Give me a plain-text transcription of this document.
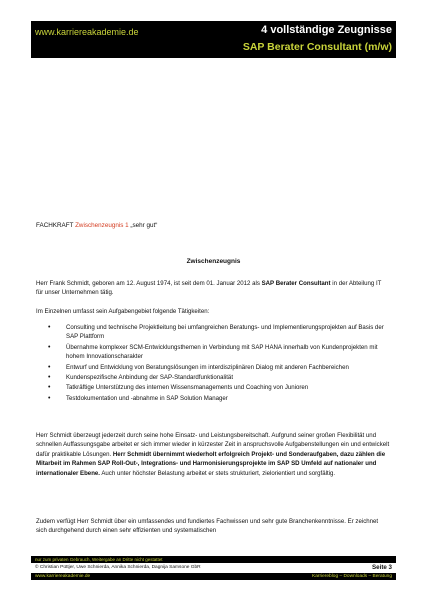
www.karriereakademie.de	4 vollständige Zeugnisse
SAP Berater Consultant (m/w)
FACHKRAFT Zwischenzeugnis 1 „sehr gut“
Zwischenzeugnis
Herr Frank Schmidt, geboren am 12. August 1974, ist seit dem 01. Januar 2012 als SAP Berater Consultant in der Abteilung IT für unser Unternehmen tätig.
Im Einzelnen umfasst sein Aufgabengebiet folgende Tätigkeiten:
• Consulting und technische Projektleitung bei umfangreichen Beratungs- und Implementierungsprojekten auf Basis der SAP Plattform
• Übernahme komplexer SCM-Entwicklungsthemen in Verbindung mit SAP HANA innerhalb von Kundenprojekten mit hohem Innovationscharakter
• Entwurf und Entwicklung von Beratungslösungen im interdisziplinären Dialog mit anderen Fachbereichen
• Kundenspezifische Anbindung der SAP-Standardfunktionalität
• Tatkräftige Unterstützung des internen Wissensmanagements und Coaching von Junioren
• Testdokumentation und -abnahme in SAP Solution Manager
Herr Schmidt überzeugt jederzeit durch seine hohe Einsatz- und Leistungsbereitschaft. Aufgrund seiner großen Flexibilität und schnellen Auffassungsgabe arbeitet er sich immer wieder in kürzester Zeit in anspruchsvolle Aufgabenstellungen ein und entwickelt dafür praktikable Lösungen. Herr Schmidt übernimmt wiederholt erfolgreich Projekt- und Sonderaufgaben, dazu zählen die Mitarbeit im Rahmen SAP Roll-Out-, Integrations- und Harmonisierungsprojekte im SAP SD Umfeld auf nationaler und internationaler Ebene. Auch unter höchster Belastung arbeitet er stets strukturiert, zielorientiert und sorgfältig.
Zudem verfügt Herr Schmidt über ein umfassendes und fundiertes Fachwissen und sehr gute Branchenkenntnisse. Er zeichnet sich durchgehend durch einen sehr effizienten und systematischen
nur zum privaten Gebrauch, Weitergabe an Dritte nicht gestattet
© Christian Püttjer, Uwe Schnierda, Annika Schnierda, Dagnija Samsone GbR	Seite 3
www.karriereakademie.de	Karriereblog – Downloads – Beratung
